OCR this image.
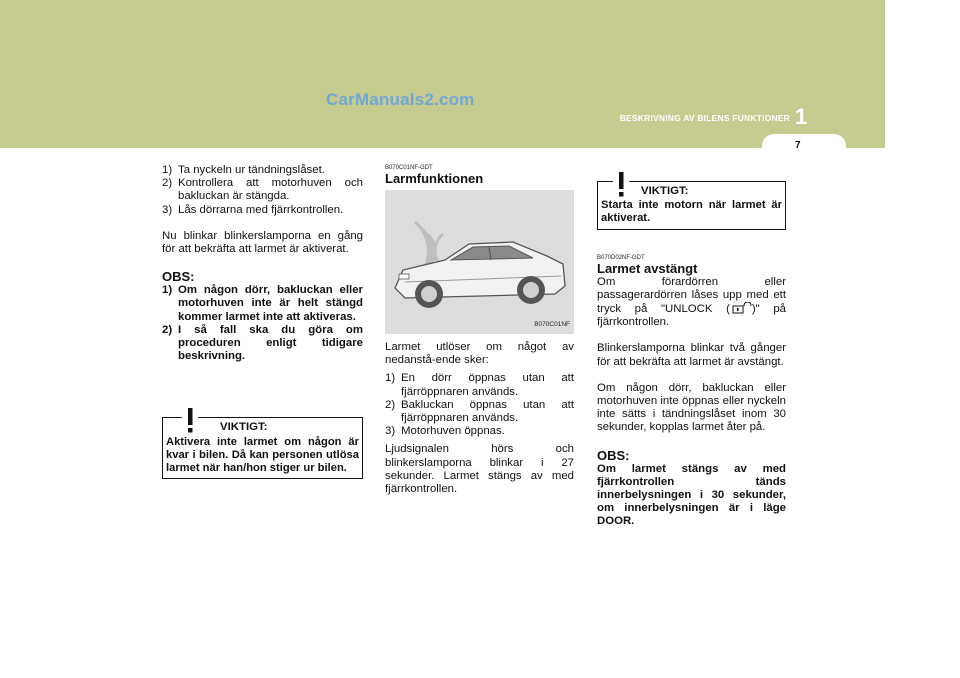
CarManuals2.com
BESKRIVNING AV BILENS FUNKTIONER 1
7
1) Ta nyckeln ur tändningslåset.
2) Kontrollera att motorhuven och bakluckan är stängda.
3) Lås dörrarna med fjärrkontrollen.

Nu blinkar blinkerslamporna en gång för att bekräfta att larmet är aktiverat.

OBS:

1) Om någon dörr, bakluckan eller motorhuven inte är helt stängd kommer larmet inte att aktiveras.
2) I så fall ska du göra om proceduren enligt tidigare beskrivning.

VIKTIGT:

Aktivera inte larmet om någon är kvar i bilen. Då kan personen utlösa larmet när han/hon stiger ur bilen.

B070C01NF-GDT

Larmfunktionen

B070C01NF

Larmet utlöser om något av nedanstå-ende sker:

1) En dörr öppnas utan att fjärröppnaren används.
2) Bakluckan öppnas utan att fjärröppnaren används.
3) Motorhuven öppnas.

Ljudsignalen hörs och blinkerslamporna blinkar i 27 sekunder. Larmet stängs av med fjärrkontrollen.

VIKTIGT:

Starta inte motorn när larmet är aktiverat.

B070D02NF-GDT

Larmet avstängt

Om förardörren eller passagerardörren låses upp med ett tryck på "UNLOCK ( )" på fjärrkontrollen.

Blinkerslamporna blinkar två gånger för att bekräfta att larmet är avstängt.

Om någon dörr, bakluckan eller motorhuven inte öppnas eller nyckeln inte sätts i tändningslåset inom 30 sekunder, kopplas larmet åter på.

OBS:

Om larmet stängs av med fjärrkontrollen tänds innerbelysningen i 30 sekunder, om innerbelysningen är i läge DOOR.
